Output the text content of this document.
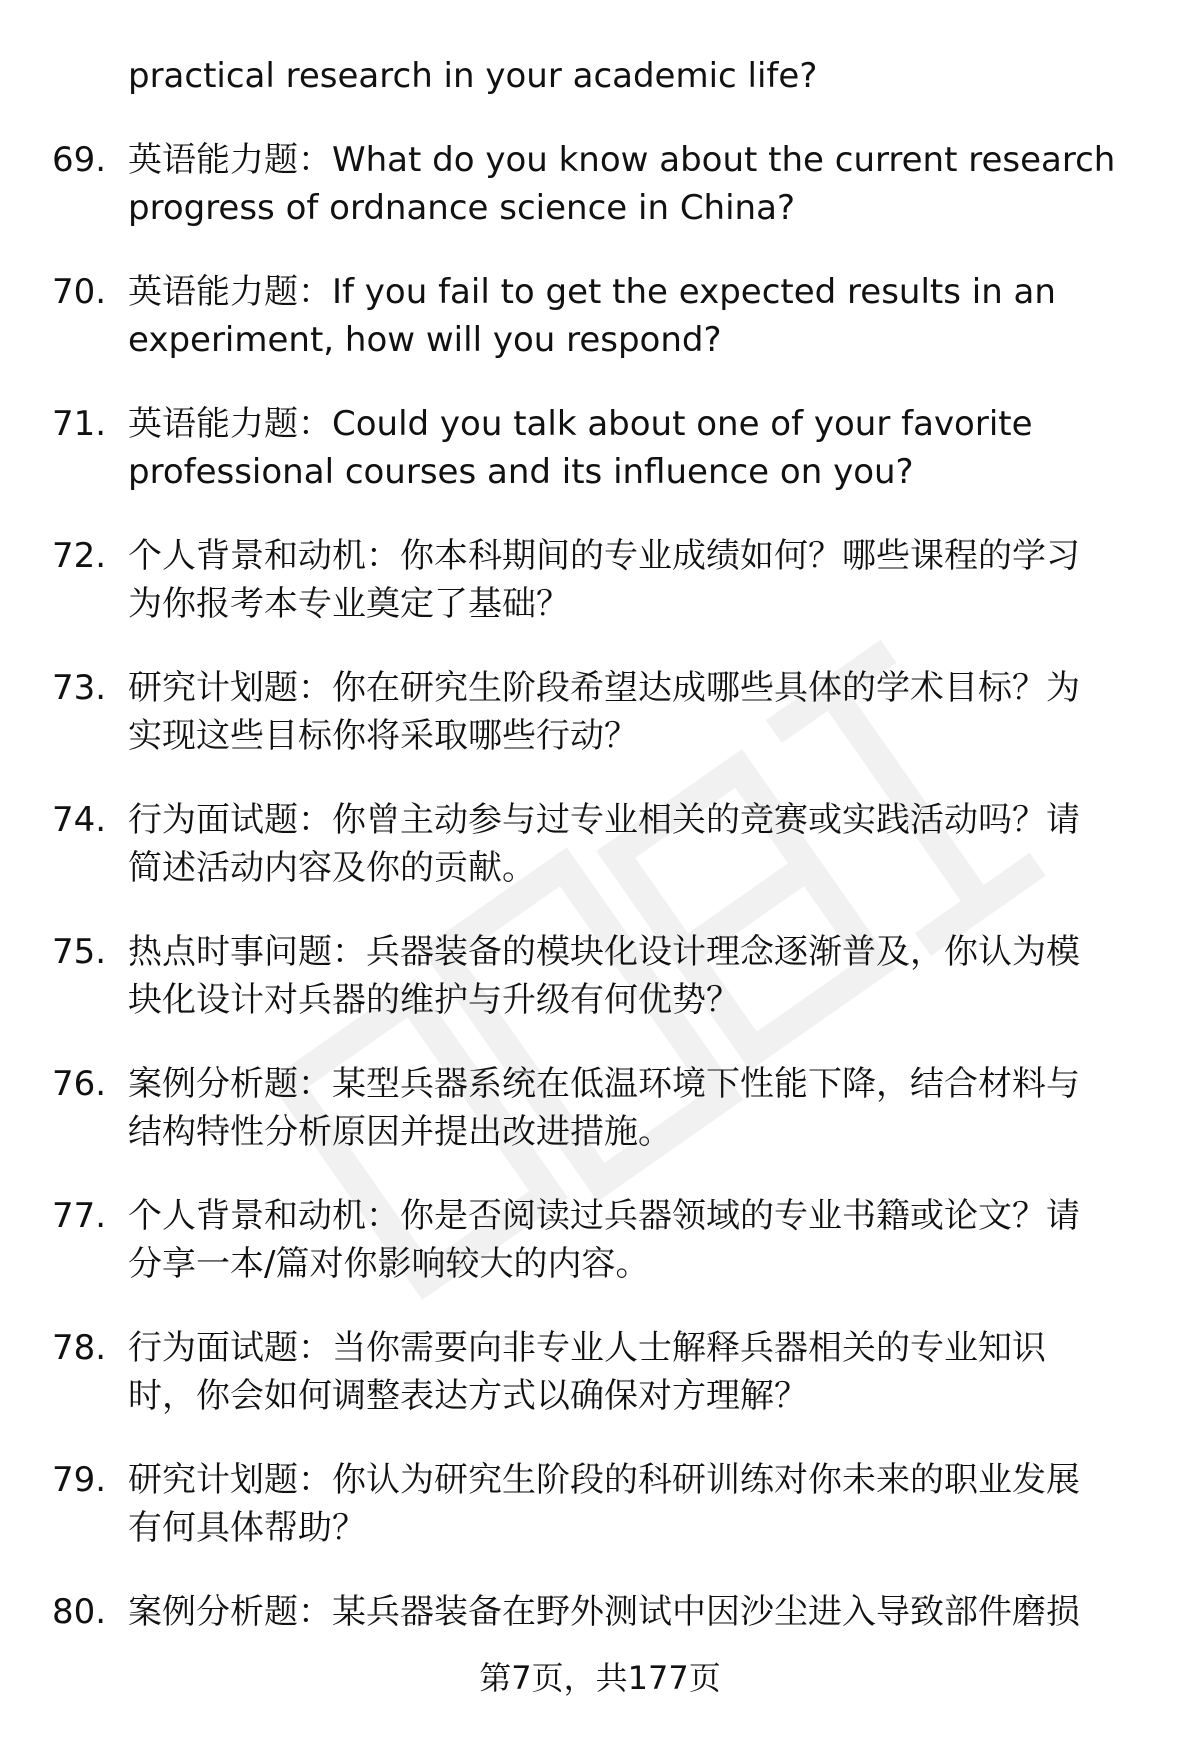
practical research in your academic life?
69. 英语能力题：What do you know about the current research
progress of ordnance science in China?
70. 英语能力题：If you fail to get the expected results in an
experiment, how will you respond?
71. 英语能力题：Could you talk about one of your favorite
professional courses and its influence on you?
72. 个人背景和动机：你本科期间的专业成绩如何？哪些课程的学习
为你报考本专业奠定了基础？
73. 研究计划题：你在研究生阶段希望达成哪些具体的学术目标？为
实现这些目标你将采取哪些行动？
74. 行为面试题：你曾主动参与过专业相关的竞赛或实践活动吗？请
简述活动内容及你的贡献。
75. 热点时事问题：兵器装备的模块化设计理念逐渐普及，你认为模
块化设计对兵器的维护与升级有何优势？
76. 案例分析题：某型兵器系统在低温环境下性能下降，结合材料与
结构特性分析原因并提出改进措施。
77. 个人背景和动机：你是否阅读过兵器领域的专业书籍或论文？请
分享一本/篇对你影响较大的内容。
78. 行为面试题：当你需要向非专业人士解释兵器相关的专业知识
时，你会如何调整表达方式以确保对方理解？
79. 研究计划题：你认为研究生阶段的科研训练对你未来的职业发展
有何具体帮助？
80. 案例分析题：某兵器装备在野外测试中因沙尘进入导致部件磨损
第7页，共177页
